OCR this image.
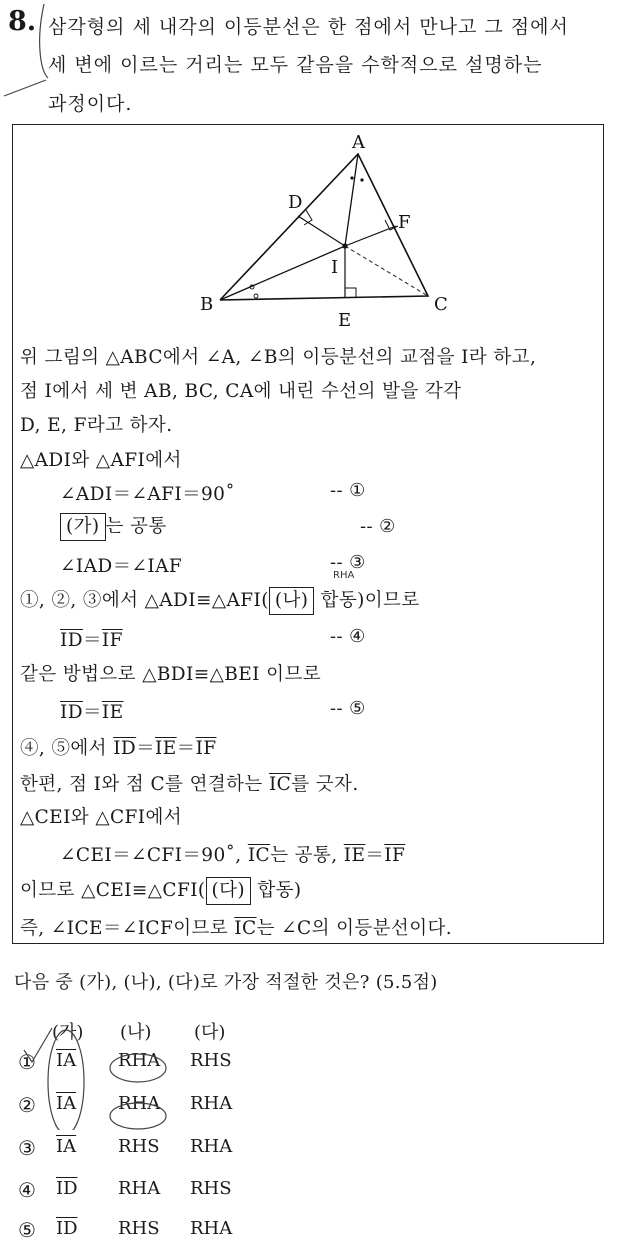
8. 삼각형의 세 내각의 이등분선은 한 점에서 만나고 그 점에서
세 변에 이르는 거리는 모두 같음을 수학적으로 설명하는
과정이다.
A
B	C
D
E
F
I
위 그림의 △ABC에서 ∠A, ∠B의 이등분선의 교점을 I라 하고,
점 I에서 세 변 AB, BC, CA에 내린 수선의 발을 각각
D, E, F라고 하자.
△ADI와 △AFI에서
∠ADI＝∠AFI＝90˚	-- ①
(가) 는 공통	-- ②
∠IAD＝∠IAF	-- ③
RHA
①, ②, ③에서 △ADI≡△AFI( (나) 합동)이므로
$\overline{ID}=\overline{IF}$	-- ④
같은 방법으로 △BDI≡△BEI 이므로
$\overline{ID}=\overline{IE}$	-- ⑤
④, ⑤에서 $\overline{ID}=\overline{IE}=\overline{IF}$
한편, 점 I와 점 C를 연결하는 $\overline{IC}$를 긋자.
△CEI와 △CFI에서
∠CEI＝∠CFI＝90˚, $\overline{IC}$는 공통, $\overline{IE}=\overline{IF}$
이므로 △CEI≡△CFI( (다) 합동)
즉, ∠ICE＝∠ICF이므로 $\overline{IC}$는 ∠C의 이등분선이다.
다음 중 (가), (나), (다)로 가장 적절한 것은? (5.5점)
(가) (나) (다)
① $\overline{IA}$ RHA RHS
② $\overline{IA}$ RHA RHA
③ $\overline{IA}$ RHS RHA
④ $\overline{ID}$ RHA RHS
⑤ $\overline{ID}$ RHS RHA
